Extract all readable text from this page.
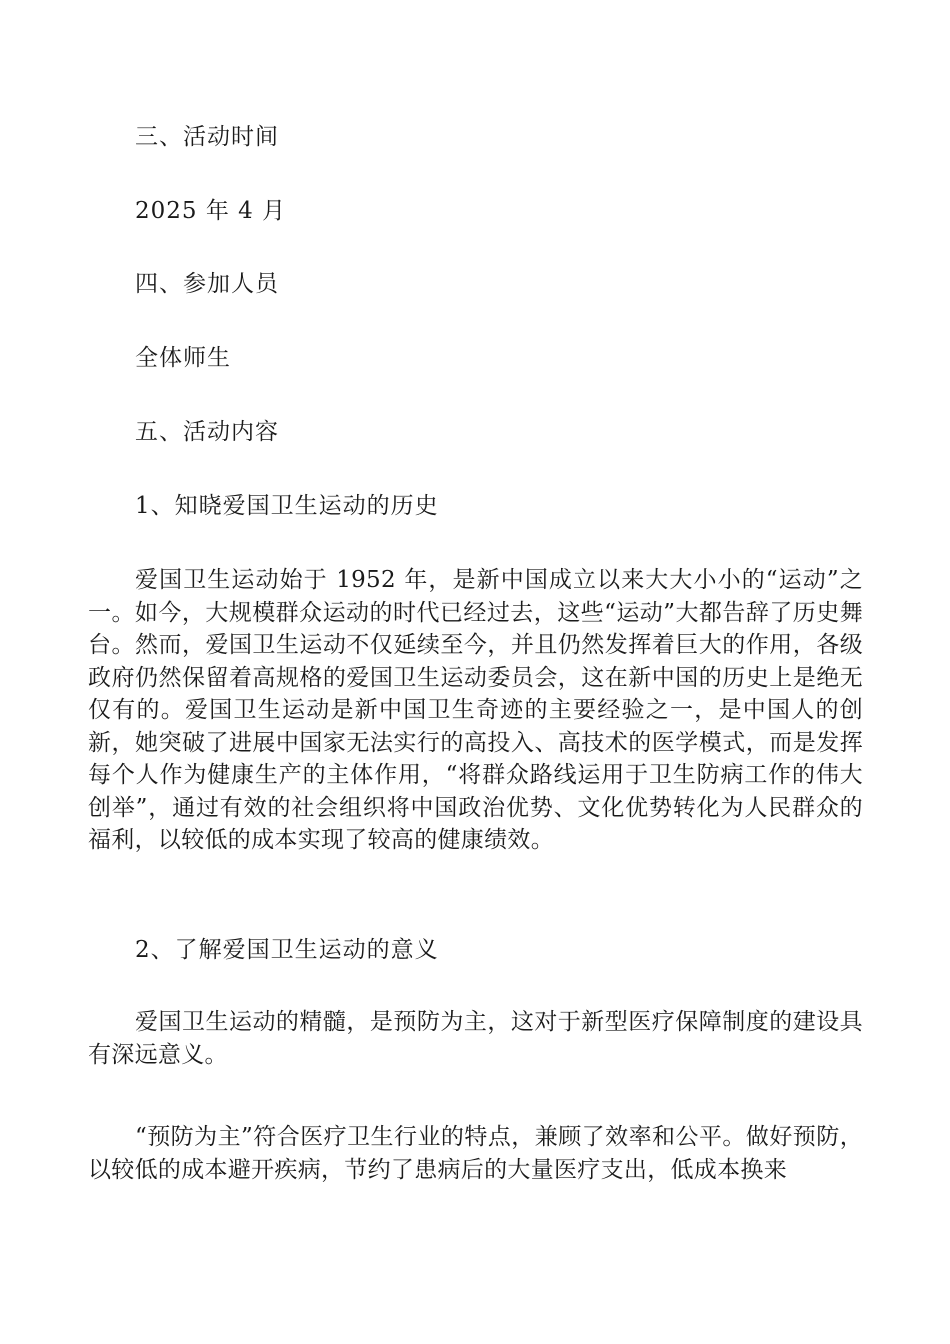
三、活动时间
2025 年 4 月
四、参加人员
全体师生
五、活动内容
1、知晓爱国卫生运动的历史
爱国卫生运动始于 1952 年，是新中国成立以来大大小小的“运动”之一。如今，大规模群众运动的时代已经过去，这些“运动”大都告辞了历史舞台。然而，爱国卫生运动不仅延续至今，并且仍然发挥着巨大的作用，各级政府仍然保留着高规格的爱国卫生运动委员会，这在新中国的历史上是绝无仅有的。爱国卫生运动是新中国卫生奇迹的主要经验之一，是中国人的创新，她突破了进展中国家无法实行的高投入、高技术的医学模式，而是发挥每个人作为健康生产的主体作用，“将群众路线运用于卫生防病工作的伟大创举”，通过有效的社会组织将中国政治优势、文化优势转化为人民群众的福利，以较低的成本实现了较高的健康绩效。
2、了解爱国卫生运动的意义
爱国卫生运动的精髓，是预防为主，这对于新型医疗保障制度的建设具有深远意义。
“预防为主”符合医疗卫生行业的特点，兼顾了效率和公平。做好预防，以较低的成本避开疾病，节约了患病后的大量医疗支出，低成本换来
